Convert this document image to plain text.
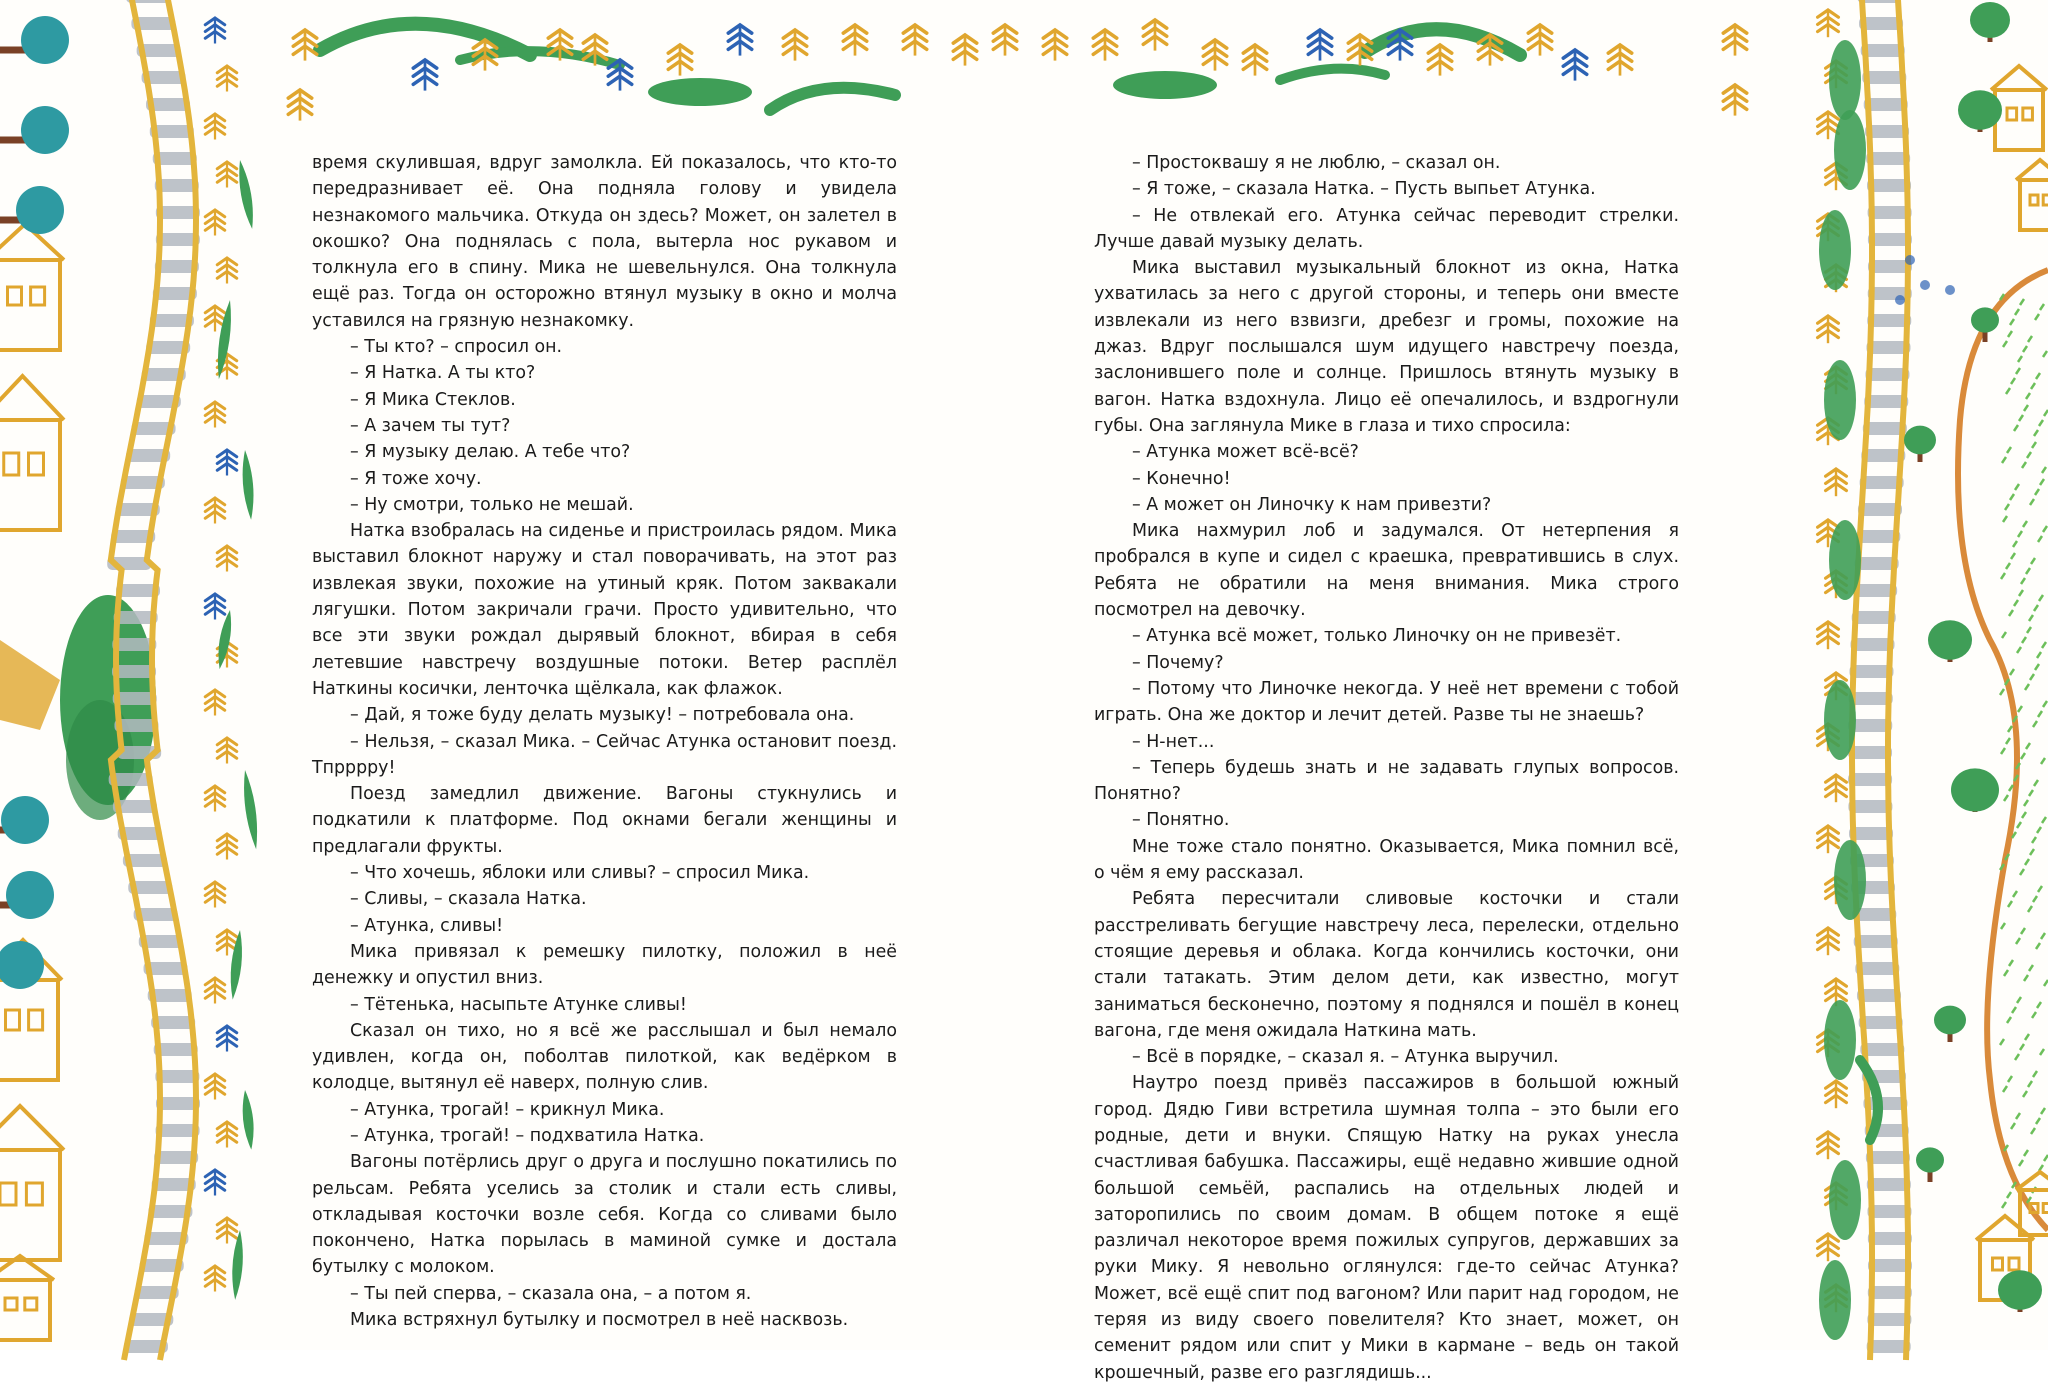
время скулившая, вдруг замолкла. Ей показалось, что кто-то передразнивает её. Она подняла голову и увидела незнакомого мальчика. Откуда он здесь? Может, он залетел в окошко? Она поднялась с пола, вытерла нос рукавом и толкнула его в спину. Мика не шевельнулся. Она толкнула ещё раз. Тогда он осторожно втянул музыку в окно и молча уставился на грязную незнакомку.

– Ты кто? – спросил он.

– Я Натка. А ты кто?

– Я Мика Стеклов.

– А зачем ты тут?

– Я музыку делаю. А тебе что?

– Я тоже хочу.

– Ну смотри, только не мешай.

Натка взобралась на сиденье и пристроилась рядом. Мика выставил блокнот наружу и стал поворачивать, на этот раз извлекая звуки, похожие на утиный кряк. Потом заквакали лягушки. Потом закричали грачи. Просто удивительно, что все эти звуки рождал дырявый блокнот, вбирая в себя летевшие навстречу воздушные потоки. Ветер расплёл Наткины косички, ленточка щёлкала, как флажок.

– Дай, я тоже буду делать музыку! – потребовала она.

– Нельзя, – сказал Мика. – Сейчас Атунка остановит поезд. Тпрррру!

Поезд замедлил движение. Вагоны стукнулись и подкатили к платформе. Под окнами бегали женщины и предлагали фрукты.

– Что хочешь, яблоки или сливы? – спросил Мика.

– Сливы, – сказала Натка.

– Атунка, сливы!

Мика привязал к ремешку пилотку, положил в неё денежку и опустил вниз.

– Тётенька, насыпьте Атунке сливы!

Сказал он тихо, но я всё же расслышал и был немало удивлен, когда он, поболтав пилоткой, как ведёрком в колодце, вытянул её наверх, полную слив.

– Атунка, трогай! – крикнул Мика.

– Атунка, трогай! – подхватила Натка.

Вагоны потёрлись друг о друга и послушно покатились по рельсам. Ребята уселись за столик и стали есть сливы, откладывая косточки возле себя. Когда со сливами было покончено, Натка порылась в маминой сумке и достала бутылку с молоком.

– Ты пей сперва, – сказала она, – а потом я.

Мика встряхнул бутылку и посмотрел в неё насквозь.

– Простоквашу я не люблю, – сказал он.

– Я тоже, – сказала Натка. – Пусть выпьет Атунка.

– Не отвлекай его. Атунка сейчас переводит стрелки. Лучше давай музыку делать.

Мика выставил музыкальный блокнот из окна, Натка ухватилась за него с другой стороны, и теперь они вместе извлекали из него взвизги, дребезг и громы, похожие на джаз. Вдруг послышался шум идущего навстречу поезда, заслонившего поле и солнце. Пришлось втянуть музыку в вагон. Натка вздохнула. Лицо её опечалилось, и вздрогнули губы. Она заглянула Мике в глаза и тихо спросила:

– Атунка может всё-всё?

– Конечно!

– А может он Линочку к нам привезти?

Мика нахмурил лоб и задумался. От нетерпения я пробрался в купе и сидел с краешка, превратившись в слух. Ребята не обратили на меня внимания. Мика строго посмотрел на девочку.

– Атунка всё может, только Линочку он не привезёт.

– Почему?

– Потому что Линочке некогда. У неё нет времени с тобой играть. Она же доктор и лечит детей. Разве ты не знаешь?

– Н-нет...

– Теперь будешь знать и не задавать глупых вопросов. Понятно?

– Понятно.

Мне тоже стало понятно. Оказывается, Мика помнил всё, о чём я ему рассказал.

Ребята пересчитали сливовые косточки и стали расстреливать бегущие навстречу леса, перелески, отдельно стоящие деревья и облака. Когда кончились косточки, они стали татакать. Этим делом дети, как известно, могут заниматься бесконечно, поэтому я поднялся и пошёл в конец вагона, где меня ожидала Наткина мать.

– Всё в порядке, – сказал я. – Атунка выручил.

Наутро поезд привёз пассажиров в большой южный город. Дядю Гиви встретила шумная толпа – это были его родные, дети и внуки. Спящую Натку на руках унесла счастливая бабушка. Пассажиры, ещё недавно жившие одной большой семьёй, распались на отдельных людей и заторопились по своим домам. В общем потоке я ещё различал некоторое время пожилых супругов, державших за руки Мику. Я невольно оглянулся: где-то сейчас Атунка? Может, всё ещё спит под вагоном? Или парит над городом, не теряя из виду своего повелителя? Кто знает, может, он семенит рядом или спит у Мики в кармане – ведь он такой крошечный, разве его разглядишь...
